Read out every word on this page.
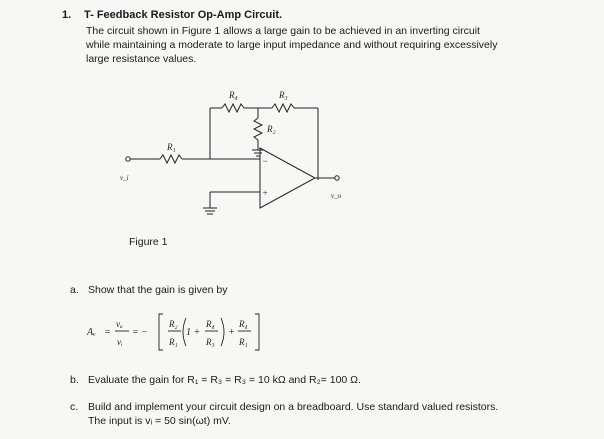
1. T- Feedback Resistor Op-Amp Circuit.
The circuit shown in Figure 1 allows a large gain to be achieved in an inverting circuit
while maintaining a moderate to large input impedance and without requiring excessively
large resistance values.
−
+
R₁
R₄	R₃
R₂
v_i
v_o
Figure 1
a. Show that the gain is given by
Aᵥ =
vₒ
vᵢ
= −
R₂
R₁
1 +
R₄
R₃
+
R₄
R₁
b. Evaluate the gain for R₁ = R₃ = R₃ = 10 kΩ and R₂= 100 Ω.
c. Build and implement your circuit design on a breadboard. Use standard valued resistors.
The input is vᵢ = 50 sin(ωt) mV.
